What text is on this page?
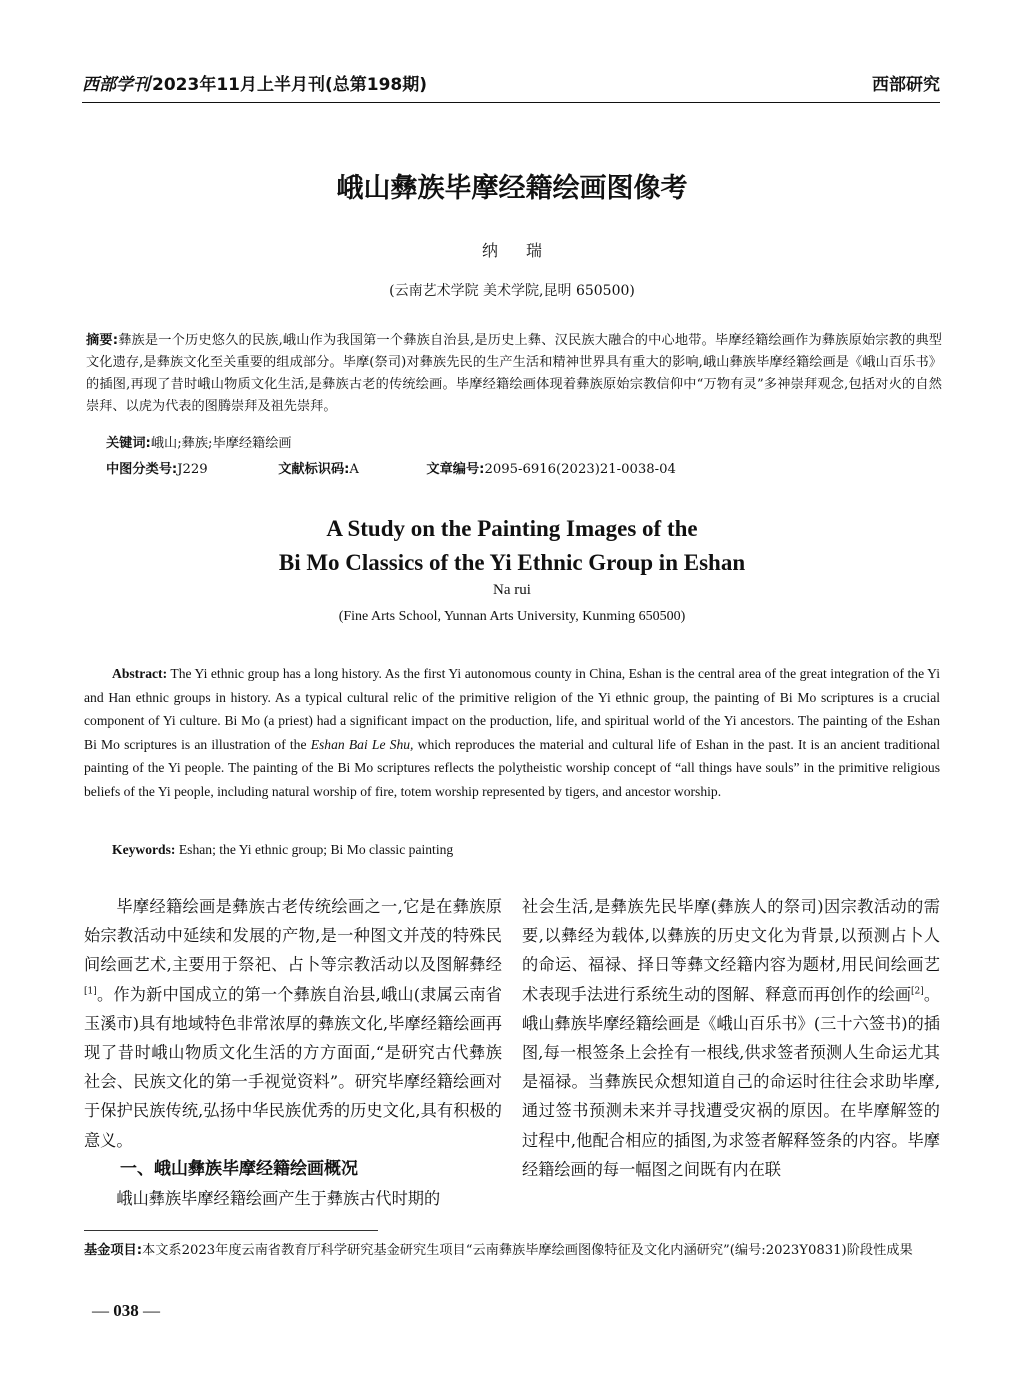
西部学刊 2023年11月上半月刊(总第198期)	西部研究
峨山彝族毕摩经籍绘画图像考
纳瑞
(云南艺术学院 美术学院,昆明 650500)
摘要:彝族是一个历史悠久的民族,峨山作为我国第一个彝族自治县,是历史上彝、汉民族大融合的中心地带。毕摩经籍绘画作为彝族原始宗教的典型文化遗存,是彝族文化至关重要的组成部分。毕摩(祭司)对彝族先民的生产生活和精神世界具有重大的影响,峨山彝族毕摩经籍绘画是《峨山百乐书》的插图,再现了昔时峨山物质文化生活,是彝族古老的传统绘画。毕摩经籍绘画体现着彝族原始宗教信仰中“万物有灵”多神崇拜观念,包括对火的自然崇拜、以虎为代表的图腾崇拜及祖先崇拜。
关键词:峨山;彝族;毕摩经籍绘画
中图分类号:J229	文献标识码:A	文章编号:2095-6916(2023)21-0038-04
A Study on the Painting Images of the
Bi Mo Classics of the Yi Ethnic Group in Eshan
Na rui
(Fine Arts School, Yunnan Arts University, Kunming 650500)
Abstract: The Yi ethnic group has a long history. As the first Yi autonomous county in China, Eshan is the central area of the great integration of the Yi and Han ethnic groups in history. As a typical cultural relic of the primitive religion of the Yi ethnic group, the painting of Bi Mo scriptures is a crucial component of Yi culture. Bi Mo (a priest) had a significant impact on the production, life, and spiritual world of the Yi ancestors. The painting of the Eshan Bi Mo scriptures is an illustration of the Eshan Bai Le Shu, which reproduces the material and cultural life of Eshan in the past. It is an ancient traditional painting of the Yi people. The painting of the Bi Mo scriptures reflects the polytheistic worship concept of “all things have souls” in the primitive religious beliefs of the Yi people, including natural worship of fire, totem worship represented by tigers, and ancestor worship.
Keywords: Eshan; the Yi ethnic group; Bi Mo classic painting

毕摩经籍绘画是彝族古老传统绘画之一,它是在彝族原始宗教活动中延续和发展的产物,是一种图文并茂的特殊民间绘画艺术,主要用于祭祀、占卜等宗教活动以及图解彝经[1]。作为新中国成立的第一个彝族自治县,峨山(隶属云南省玉溪市)具有地域特色非常浓厚的彝族文化,毕摩经籍绘画再现了昔时峨山物质文化生活的方方面面,“是研究古代彝族社会、民族文化的第一手视觉资料”。研究毕摩经籍绘画对于保护民族传统,弘扬中华民族优秀的历史文化,具有积极的意义。

一、峨山彝族毕摩经籍绘画概况

峨山彝族毕摩经籍绘画产生于彝族古代时期的

社会生活,是彝族先民毕摩(彝族人的祭司)因宗教活动的需要,以彝经为载体,以彝族的历史文化为背景,以预测占卜人的命运、福禄、择日等彝文经籍内容为题材,用民间绘画艺术表现手法进行系统生动的图解、释意而再创作的绘画[2]。峨山彝族毕摩经籍绘画是《峨山百乐书》(三十六签书)的插图,每一根签条上会拴有一根线,供求签者预测人生命运尤其是福禄。当彝族民众想知道自己的命运时往往会求助毕摩,通过签书预测未来并寻找遭受灾祸的原因。在毕摩解签的过程中,他配合相应的插图,为求签者解释签条的内容。毕摩经籍绘画的每一幅图之间既有内在联

基金项目:本文系2023年度云南省教育厅科学研究基金研究生项目“云南彝族毕摩绘画图像特征及文化内涵研究”(编号:2023Y0831)阶段性成果
— 038 —
